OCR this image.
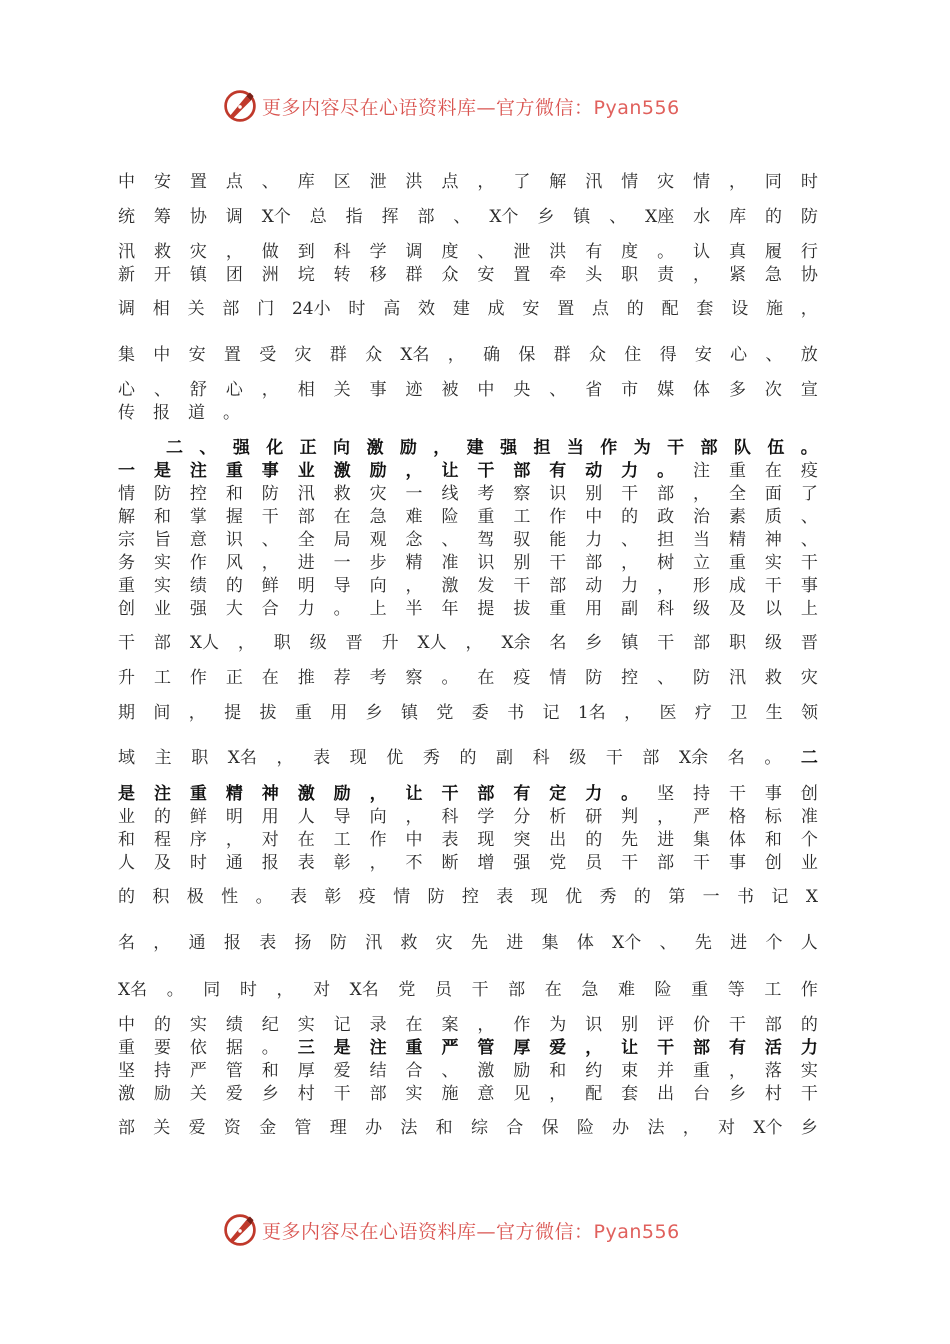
更多内容尽在心语资料库—官方微信：Pyan556
中 安 置 点 、 库 区 泄 洪 点 ， 了 解 汛 情 灾 情 ， 同 时
统 筹 协 调 X个 总 指 挥 部 、 X个 乡 镇 、 X座 水 库 的 防
汛 救 灾 ， 做 到 科 学 调 度 、 泄 洪 有 度 。 认 真 履 行
新 开 镇 团 洲 垸 转 移 群 众 安 置 牵 头 职 责 ， 紧 急 协
调 相 关 部 门 24小 时 高 效 建 成 安 置 点 的 配 套 设 施 ，
集 中 安 置 受 灾 群 众 X名 ， 确 保 群 众 住 得 安 心 、 放
心 、 舒 心 ， 相 关 事 迹 被 中 央 、 省 市 媒 体 多 次 宣
传 报 道 。
二 、 强 化 正 向 激 励 ， 建 强 担 当 作 为 干 部 队 伍 。
一 是 注 重 事 业 激 励 ， 让 干 部 有 动 力 。 注 重 在 疫
情 防 控 和 防 汛 救 灾 一 线 考 察 识 别 干 部 ， 全 面 了
解 和 掌 握 干 部 在 急 难 险 重 工 作 中 的 政 治 素 质 、
宗 旨 意 识 、 全 局 观 念 、 驾 驭 能 力 、 担 当 精 神 、
务 实 作 风 ， 进 一 步 精 准 识 别 干 部 ， 树 立 重 实 干
重 实 绩 的 鲜 明 导 向 ， 激 发 干 部 动 力 ， 形 成 干 事
创 业 强 大 合 力 。 上 半 年 提 拔 重 用 副 科 级 及 以 上
干 部 X人 ， 职 级 晋 升 X人 ， X余 名 乡 镇 干 部 职 级 晋
升 工 作 正 在 推 荐 考 察 。 在 疫 情 防 控 、 防 汛 救 灾
期 间 ， 提 拔 重 用 乡 镇 党 委 书 记 1名 ， 医 疗 卫 生 领
域 主 职 X名 ， 表 现 优 秀 的 副 科 级 干 部 X余 名 。 二
是 注 重 精 神 激 励 ， 让 干 部 有 定 力 。 坚 持 干 事 创
业 的 鲜 明 用 人 导 向 ， 科 学 分 析 研 判 ， 严 格 标 准
和 程 序 ， 对 在 工 作 中 表 现 突 出 的 先 进 集 体 和 个
人 及 时 通 报 表 彰 ， 不 断 增 强 党 员 干 部 干 事 创 业
的 积 极 性 。 表 彰 疫 情 防 控 表 现 优 秀 的 第 一 书 记 X
名 ， 通 报 表 扬 防 汛 救 灾 先 进 集 体 X个 、 先 进 个 人
X名 。 同 时 ， 对 X名 党 员 干 部 在 急 难 险 重 等 工 作
中 的 实 绩 纪 实 记 录 在 案 ， 作 为 识 别 评 价 干 部 的
重 要 依 据 。 三 是 注 重 严 管 厚 爱 ， 让 干 部 有 活 力
坚 持 严 管 和 厚 爱 结 合 、 激 励 和 约 束 并 重 ， 落 实
激 励 关 爱 乡 村 干 部 实 施 意 见 ， 配 套 出 台 乡 村 干
部 关 爱 资 金 管 理 办 法 和 综 合 保 险 办 法 ， 对 X个 乡
更多内容尽在心语资料库—官方微信：Pyan556
